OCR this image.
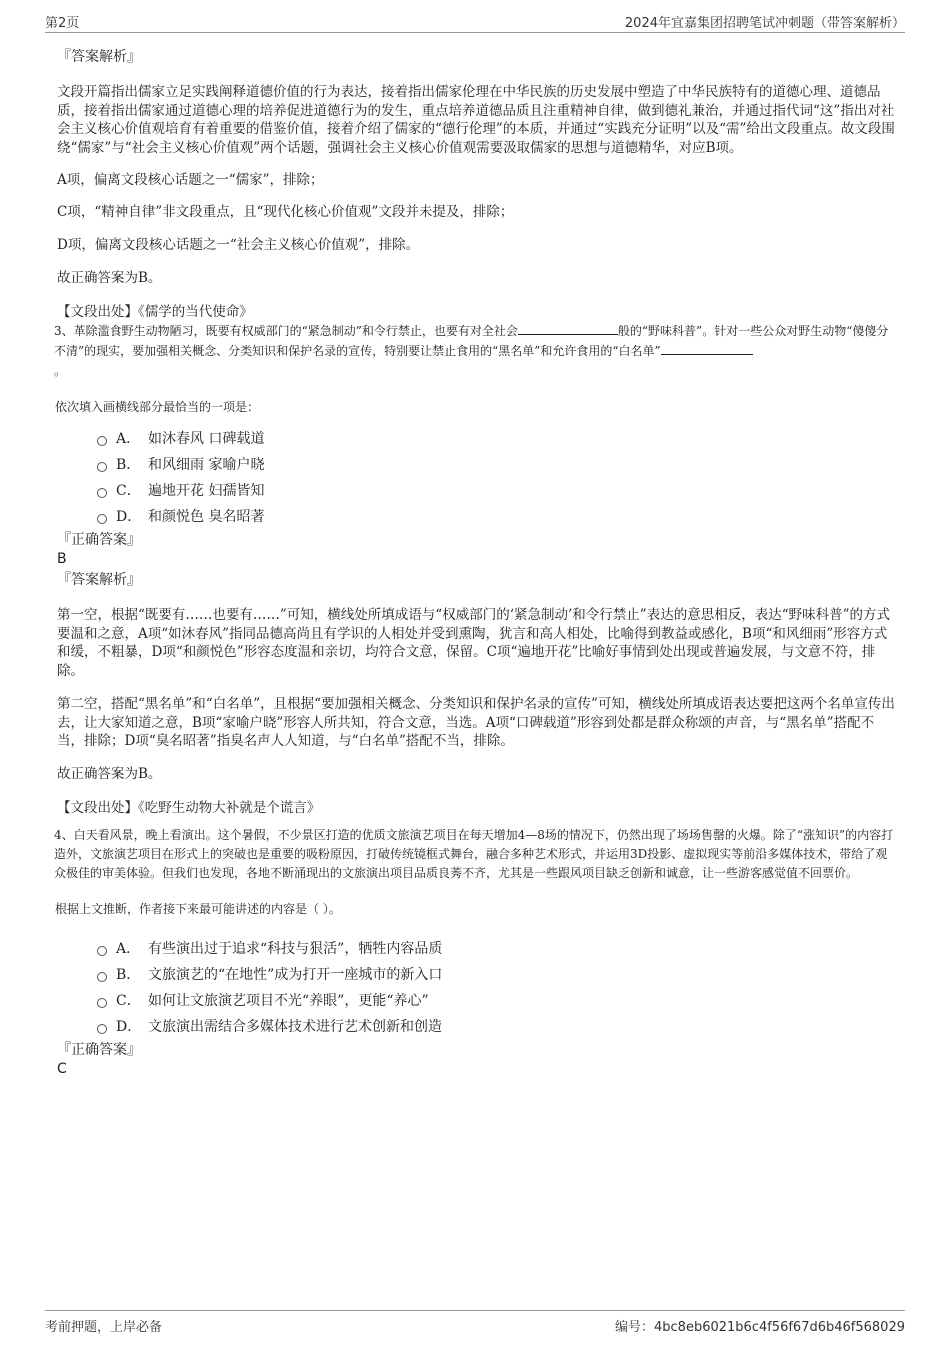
第2页	2024年宜嘉集团招聘笔试冲刺题（带答案解析）

『答案解析』

文段开篇指出儒家立足实践阐释道德价值的行为表达，接着指出儒家伦理在中华民族的历史发展中塑造了中华民族特有的道德心理、道德品质，接着指出儒家通过道德心理的培养促进道德行为的发生，重点培养道德品质且注重精神自律，做到德礼兼治，并通过指代词“这”指出对社会主义核心价值观培育有着重要的借鉴价值，接着介绍了儒家的“德行伦理”的本质，并通过“实践充分证明”以及“需”给出文段重点。故文段围绕“儒家”与“社会主义核心价值观”两个话题，强调社会主义核心价值观需要汲取儒家的思想与道德精华，对应B项。

A项，偏离文段核心话题之一“儒家”，排除；

C项，“精神自律”非文段重点，且“现代化核心价值观”文段并未提及，排除；

D项，偏离文段核心话题之一“社会主义核心价值观”，排除。

故正确答案为B。

【文段出处】《儒学的当代使命》

3、革除滥食野生动物陋习，既要有权威部门的“紧急制动”和令行禁止，也要有对全社会	般的“野味科普”。针对一些公众对野生动物“傻傻分不清”的现实，要加强相关概念、分类知识和保护名录的宣传，特别要让禁止食用的“黑名单”和允许食用的“白名单”
。

依次填入画横线部分最恰当的一项是：

A． 如沐春风 口碑载道
B． 和风细雨 家喻户晓
C． 遍地开花 妇孺皆知
D． 和颜悦色 臭名昭著

『正确答案』

B

『答案解析』

第一空，根据“既要有……也要有……”可知，横线处所填成语与“权威部门的‘紧急制动’和令行禁止”表达的意思相反，表达“野味科普”的方式要温和之意，A项“如沐春风”指同品德高尚且有学识的人相处并受到熏陶，犹言和高人相处，比喻得到教益或感化，B项“和风细雨”形容方式和缓，不粗暴，D项“和颜悦色”形容态度温和亲切，均符合文意，保留。C项“遍地开花”比喻好事情到处出现或普遍发展，与文意不符，排除。

第二空，搭配“黑名单”和“白名单”，且根据“要加强相关概念、分类知识和保护名录的宣传”可知，横线处所填成语表达要把这两个名单宣传出去，让大家知道之意，B项“家喻户晓”形容人所共知，符合文意，当选。A项“口碑载道”形容到处都是群众称颂的声音，与“黑名单”搭配不当，排除；D项“臭名昭著”指臭名声人人知道，与“白名单”搭配不当，排除。

故正确答案为B。

【文段出处】《吃野生动物大补就是个谎言》

4、白天看风景，晚上看演出。这个暑假，不少景区打造的优质文旅演艺项目在每天增加4—8场的情况下，仍然出现了场场售罄的火爆。除了“涨知识”的内容打造外，文旅演艺项目在形式上的突破也是重要的吸粉原因，打破传统镜框式舞台，融合多种艺术形式，并运用3D投影、虚拟现实等前沿多媒体技术，带给了观众极佳的审美体验。但我们也发现，各地不断涌现出的文旅演出项目品质良莠不齐，尤其是一些跟风项目缺乏创新和诚意，让一些游客感觉值不回票价。

根据上文推断，作者接下来最可能讲述的内容是（ ）。

A． 有些演出过于追求“科技与狠活”，牺牲内容品质
B． 文旅演艺的“在地性”成为打开一座城市的新入口
C． 如何让文旅演艺项目不光“养眼”，更能“养心”
D． 文旅演出需结合多媒体技术进行艺术创新和创造

『正确答案』

C

考前押题，上岸必备	编号：4bc8eb6021b6c4f56f67d6b46f568029
